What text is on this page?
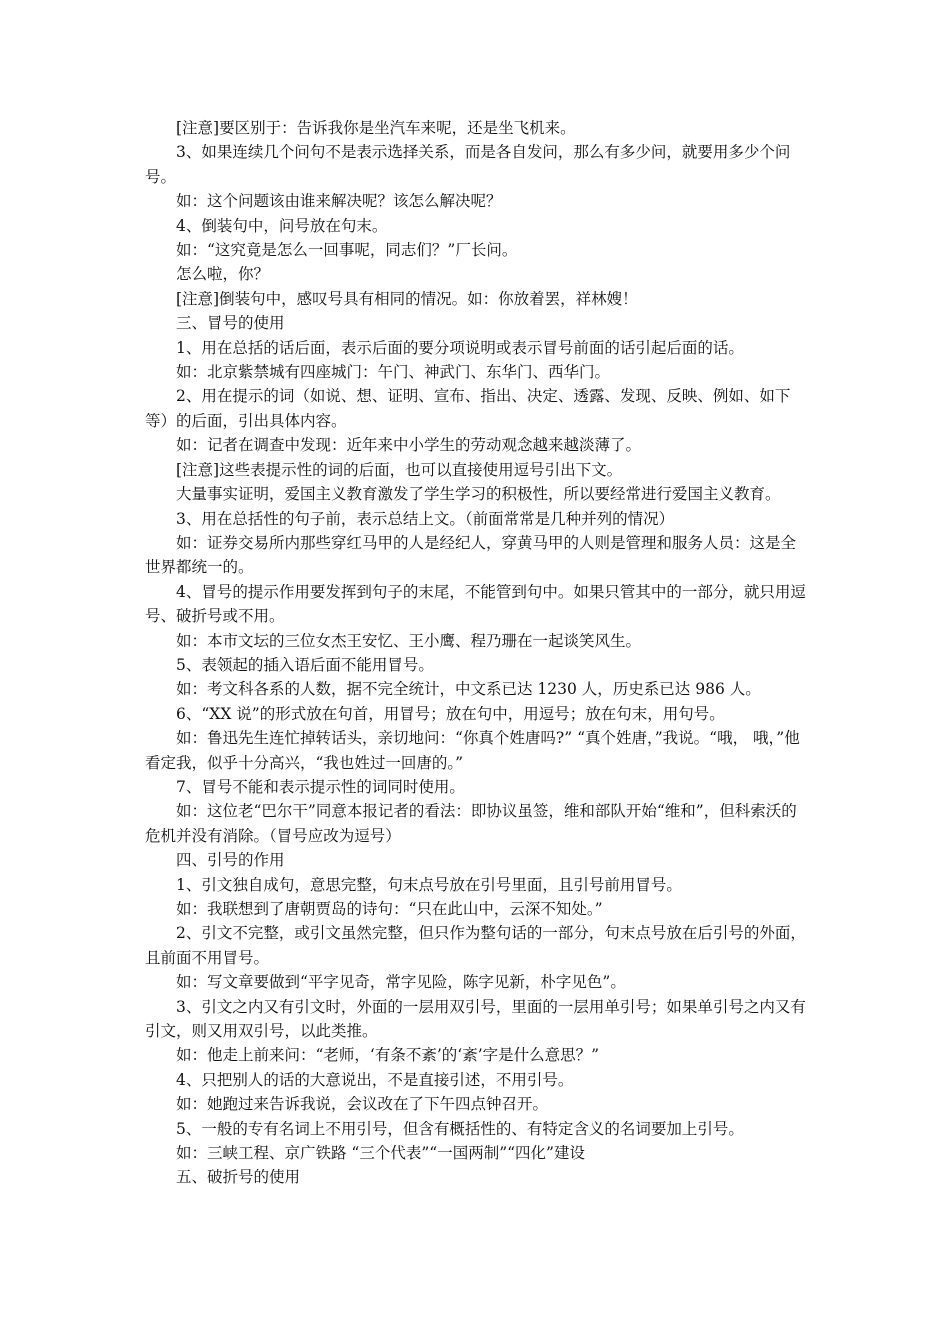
[注意]要区别于：告诉我你是坐汽车来呢，还是坐飞机来。

3、如果连续几个问句不是表示选择关系，而是各自发问，那么有多少问，就要用多少个问号。

如：这个问题该由谁来解决呢？该怎么解决呢？

4、倒装句中，问号放在句末。

如：“这究竟是怎么一回事呢，同志们？”厂长问。

怎么啦，你？

[注意]倒装句中，感叹号具有相同的情况。如：你放着罢，祥林嫂！

三、冒号的使用

1、用在总括的话后面，表示后面的要分项说明或表示冒号前面的话引起后面的话。

如：北京紫禁城有四座城门：午门、神武门、东华门、西华门。

2、用在提示的词（如说、想、证明、宣布、指出、决定、透露、发现、反映、例如、如下等）的后面，引出具体内容。

如：记者在调查中发现：近年来中小学生的劳动观念越来越淡薄了。

[注意]这些表提示性的词的后面，也可以直接使用逗号引出下文。

大量事实证明，爱国主义教育激发了学生学习的积极性，所以要经常进行爱国主义教育。

3、用在总括性的句子前，表示总结上文。（前面常常是几种并列的情况）

如：证券交易所内那些穿红马甲的人是经纪人，穿黄马甲的人则是管理和服务人员：这是全世界都统一的。

4、冒号的提示作用要发挥到句子的末尾，不能管到句中。如果只管其中的一部分，就只用逗号、破折号或不用。

如：本市文坛的三位女杰王安忆、王小鹰、程乃珊在一起谈笑风生。

5、表领起的插入语后面不能用冒号。

如：考文科各系的人数，据不完全统计，中文系已达 1230 人，历史系已达 986 人。

6、“XX 说”的形式放在句首，用冒号；放在句中，用逗号；放在句末，用句号。

如：鲁迅先生连忙掉转话头，亲切地问：“你真个姓唐吗?” “真个姓唐，”我说。“哦， 哦，”他看定我，似乎十分高兴，“我也姓过一回唐的。”

7、冒号不能和表示提示性的词同时使用。

如：这位老“巴尔干”同意本报记者的看法：即协议虽签，维和部队开始“维和”，但科索沃的危机并没有消除。（冒号应改为逗号）

四、引号的作用

1、引文独自成句，意思完整，句末点号放在引号里面，且引号前用冒号。

如：我联想到了唐朝贾岛的诗句：“只在此山中，云深不知处。”

2、引文不完整，或引文虽然完整，但只作为整句话的一部分，句末点号放在后引号的外面，且前面不用冒号。

如：写文章要做到“平字见奇，常字见险，陈字见新，朴字见色”。

3、引文之内又有引文时，外面的一层用双引号，里面的一层用单引号；如果单引号之内又有引文，则又用双引号，以此类推。

如：他走上前来问：“老师，‘有条不紊’的‘紊’字是什么意思？”

4、只把别人的话的大意说出，不是直接引述，不用引号。

如：她跑过来告诉我说，会议改在了下午四点钟召开。

5、一般的专有名词上不用引号，但含有概括性的、有特定含义的名词要加上引号。

如：三峡工程、京广铁路 “三个代表”“一国两制”“四化”建设

五、破折号的使用
